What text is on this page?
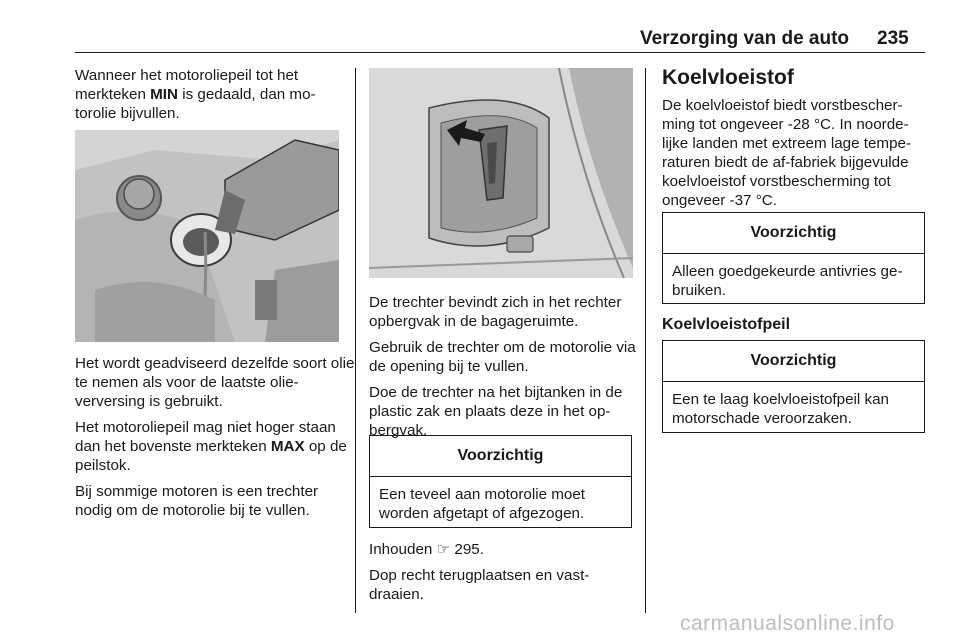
Verzorging van de auto 235

Wanneer het motoroliepeil tot het merkteken MIN is gedaald, dan mo-torolie bijvullen.

Het wordt geadviseerd dezelfde soort olie te nemen als voor de laatste olie-verversing is gebruikt.

Het motoroliepeil mag niet hoger staan dan het bovenste merkteken MAX op de peilstok.

Bij sommige motoren is een trechter nodig om de motorolie bij te vullen.

De trechter bevindt zich in het rechter opbergvak in de bagageruimte.

Gebruik de trechter om de motorolie via de opening bij te vullen.

Doe de trechter na het bijtanken in de plastic zak en plaats deze in het op-bergvak.

Voorzichtig
Een teveel aan motorolie moet worden afgetapt of afgezogen.

Inhouden ☞ 295.

Dop recht terugplaatsen en vast-draaien.

Koelvloeistof

De koelvloeistof biedt vorstbescher-ming tot ongeveer -28 °C. In noorde-lijke landen met extreem lage tempe-raturen biedt de af-fabriek bijgevulde koelvloeistof vorstbescherming tot ongeveer -37 °C.

Voorzichtig
Alleen goedgekeurde antivries ge-bruiken.
Koelvloeistofpeil
Voorzichtig
Een te laag koelvloeistofpeil kan motorschade veroorzaken.
carmanualsonline.info
